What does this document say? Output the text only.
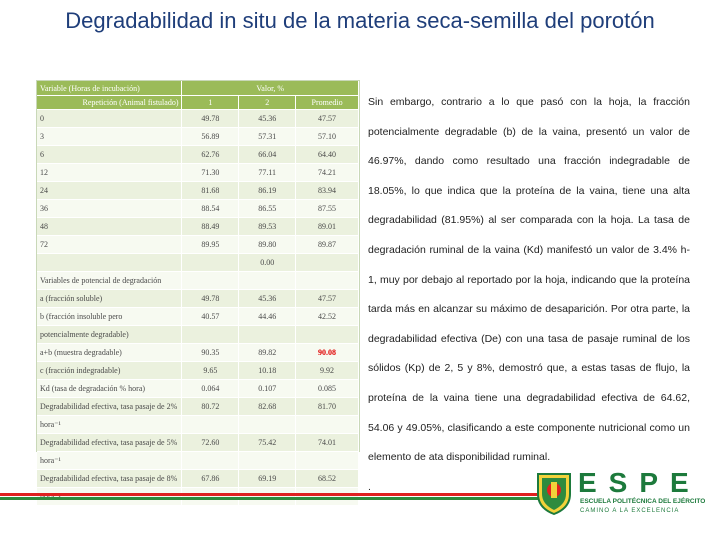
Degradabilidad in situ de la materia seca-semilla del porotón
Variable (Horas de incubación)	Valor, %		
Repetición (Animal fistulado)	1	2	Promedio
0	49.78	45.36	47.57
3	56.89	57.31	57.10
6	62.76	66.04	64.40
12	71.30	77.11	74.21
24	81.68	86.19	83.94
36	88.54	86.55	87.55
48	88.49	89.53	89.01
72	89.95	89.80	89.87
		0.00	
Variables de potencial de degradación			
a (fracción soluble)	49.78	45.36	47.57
b (fracción insoluble pero	40.57	44.46	42.52
potencialmente degradable)			
a+b (muestra degradable)	90.35	89.82	90.08
c (fracción indegradable)	9.65	10.18	9.92
Kd (tasa de degradación % hora)	0.064	0.107	0.085
Degradabilidad efectiva, tasa pasaje de 2%	80.72	82.68	81.70
hora⁻¹			
Degradabilidad efectiva, tasa pasaje de 5%	72.60	75.42	74.01
hora⁻¹			
Degradabilidad efectiva, tasa pasaje de 8%	67.86	69.19	68.52

Sin embargo, contrario a lo que pasó con la hoja, la fracción potencialmente degradable (b) de la vaina, presentó un valor de 46.97%, dando como resultado una fracción indegradable de 18.05%, lo que indica que la proteína de la vaina, tiene una alta degradabilidad (81.95%) al ser comparada con la hoja. La tasa de degradación ruminal de la vaina (Kd) manifestó un valor de 3.4% h-1, muy por debajo al reportado por la hoja, indicando que la proteína tarda más en alcanzar su máximo de desaparición. Por otra parte, la degradabilidad efectiva (De) con una tasa de pasaje ruminal de los sólidos (Kp) de 2, 5 y 8%, demostró que, a estas tasas de flujo, la proteína de la vaina tiene una degradabilidad efectiva de 64.62, 54.06 y 49.05%, clasificando a este componente nutricional como un elemento de ata disponibilidad ruminal.
.	ESPE
ESCUELA POLITÉCNICA DEL EJÉRCITO
CAMINO A LA EXCELENCIA
